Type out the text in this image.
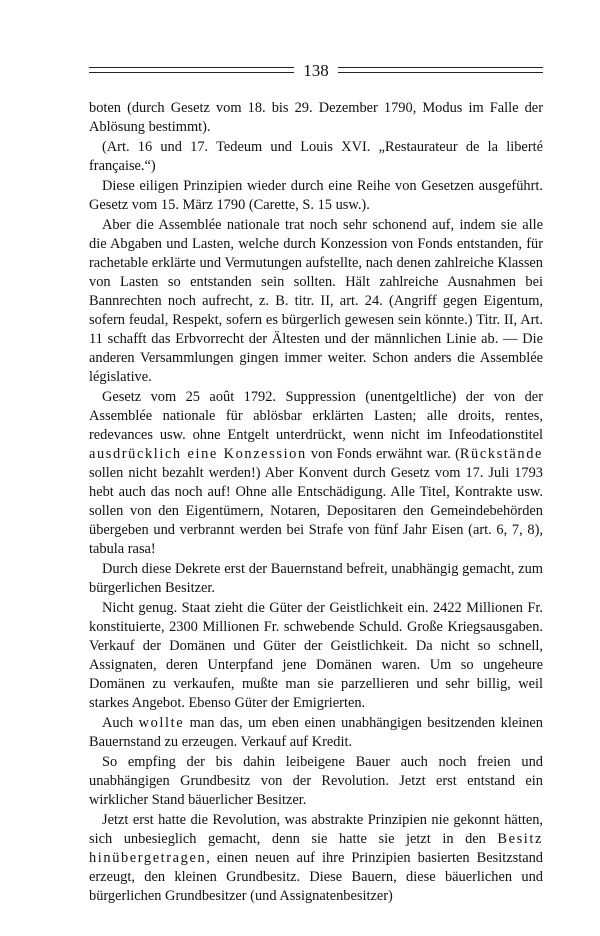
138

boten (durch Gesetz vom 18. bis 29. Dezember 1790, Modus im Falle der Ablösung bestimmt).

(Art. 16 und 17. Tedeum und Louis XVI. „Restaurateur de la liberté française.“)

Diese eiligen Prinzipien wieder durch eine Reihe von Gesetzen ausgeführt. Gesetz vom 15. März 1790 (Carette, S. 15 usw.).

Aber die Assemblée nationale trat noch sehr schonend auf, indem sie alle die Abgaben und Lasten, welche durch Konzession von Fonds entstanden, für rachetable erklärte und Vermutungen aufstellte, nach denen zahlreiche Klassen von Lasten so entstanden sein sollten. Hält zahlreiche Ausnahmen bei Bannrechten noch aufrecht, z. B. titr. II, art. 24. (Angriff gegen Eigentum, sofern feudal, Respekt, sofern es bürgerlich gewesen sein könnte.) Titr. II, Art. 11 schafft das Erbvorrecht der Ältesten und der männlichen Linie ab. — Die anderen Versammlungen gingen immer weiter. Schon anders die Assemblée législative.

Gesetz vom 25 août 1792. Suppression (unentgeltliche) der von der Assemblée nationale für ablösbar erklärten Lasten; alle droits, rentes, redevances usw. ohne Entgelt unterdrückt, wenn nicht im Infeodationstitel ausdrücklich eine Konzession von Fonds erwähnt war. (Rückstände sollen nicht bezahlt werden!) Aber Konvent durch Gesetz vom 17. Juli 1793 hebt auch das noch auf! Ohne alle Entschädigung. Alle Titel, Kontrakte usw. sollen von den Eigentümern, Notaren, Depositaren den Gemeindebehörden übergeben und verbrannt werden bei Strafe von fünf Jahr Eisen (art. 6, 7, 8), tabula rasa!

Durch diese Dekrete erst der Bauernstand befreit, unabhängig gemacht, zum bürgerlichen Besitzer.

Nicht genug. Staat zieht die Güter der Geistlichkeit ein. 2422 Millionen Fr. konstituierte, 2300 Millionen Fr. schwebende Schuld. Große Kriegsausgaben. Verkauf der Domänen und Güter der Geistlichkeit. Da nicht so schnell, Assignaten, deren Unterpfand jene Domänen waren. Um so ungeheure Domänen zu verkaufen, mußte man sie parzellieren und sehr billig, weil starkes Angebot. Ebenso Güter der Emigrierten.

Auch wollte man das, um eben einen unabhängigen besitzenden kleinen Bauernstand zu erzeugen. Verkauf auf Kredit.

So empfing der bis dahin leibeigene Bauer auch noch freien und unabhängigen Grundbesitz von der Revolution. Jetzt erst entstand ein wirklicher Stand bäuerlicher Besitzer.

Jetzt erst hatte die Revolution, was abstrakte Prinzipien nie gekonnt hätten, sich unbesieglich gemacht, denn sie hatte sie jetzt in den Besitz hinübergetragen, einen neuen auf ihre Prinzipien basierten Besitzstand erzeugt, den kleinen Grundbesitz. Diese Bauern, diese bäuerlichen und bürgerlichen Grundbesitzer (und Assignatenbesitzer)
